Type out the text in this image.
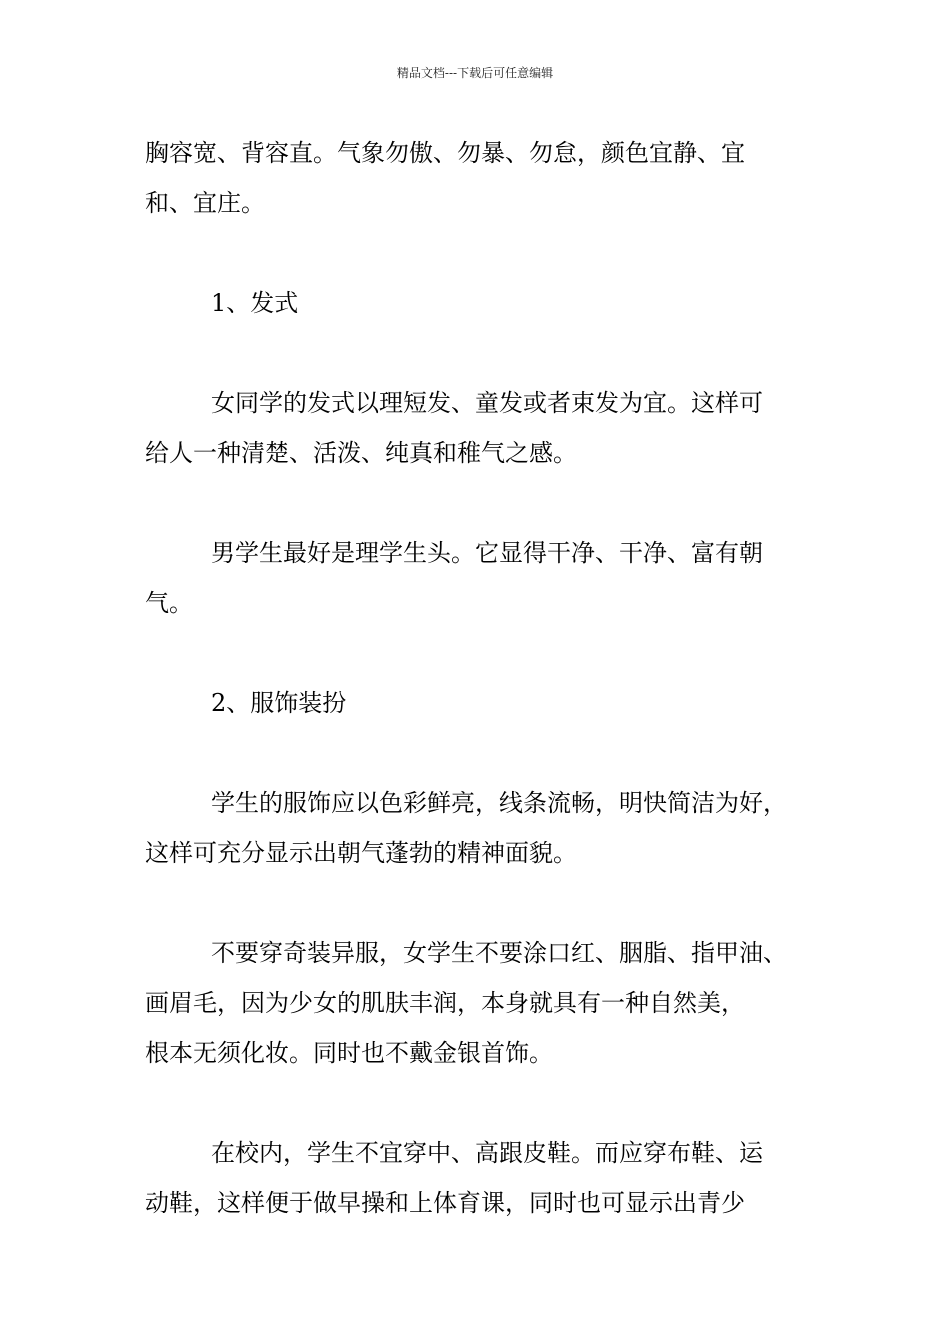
精品文档---下载后可任意编辑

胸容宽、背容直。气象勿傲、勿暴、勿怠，颜色宜静、宜
和、宜庄。

1、发式

女同学的发式以理短发、童发或者束发为宜。这样可
给人一种清楚、活泼、纯真和稚气之感。

男学生最好是理学生头。它显得干净、干净、富有朝
气。

2、服饰装扮

学生的服饰应以色彩鲜亮，线条流畅，明快简洁为好，
这样可充分显示出朝气蓬勃的精神面貌。

不要穿奇装异服，女学生不要涂口红、胭脂、指甲油、
画眉毛，因为少女的肌肤丰润，本身就具有一种自然美，
根本无须化妆。同时也不戴金银首饰。

在校内，学生不宜穿中、高跟皮鞋。而应穿布鞋、运
动鞋，这样便于做早操和上体育课，同时也可显示出青少
